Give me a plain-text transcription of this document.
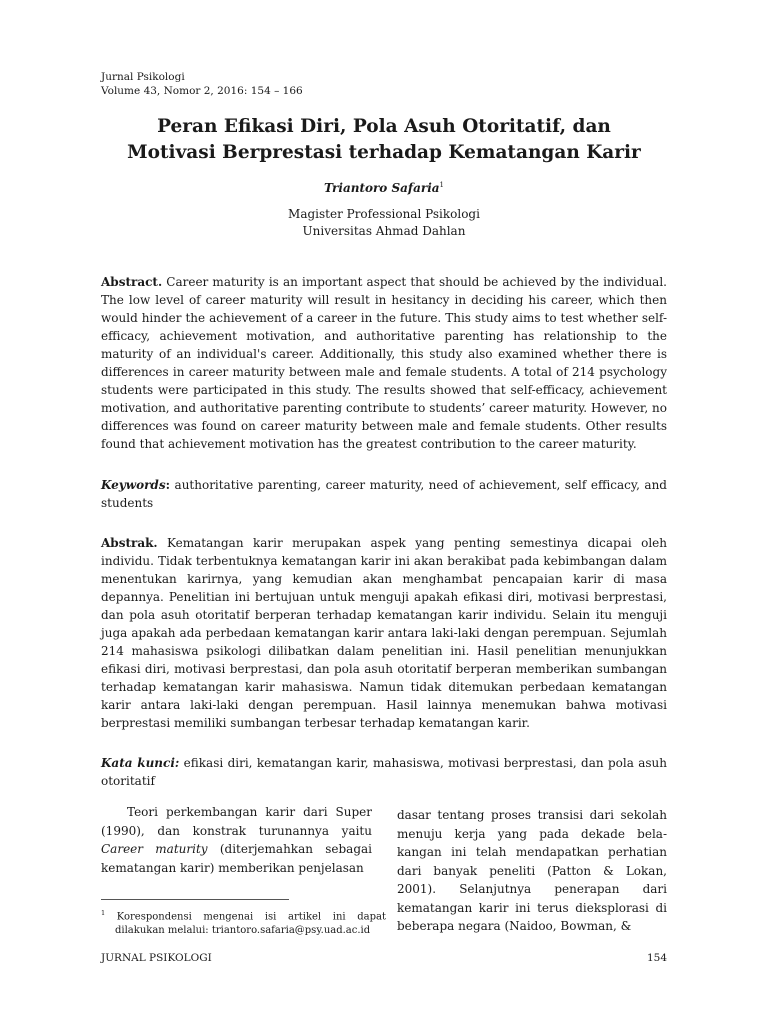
Jurnal Psikologi
Volume 43, Nomor 2, 2016: 154 – 166
Peran Efikasi Diri, Pola Asuh Otoritatif, dan
Motivasi Berprestasi terhadap Kematangan Karir
Triantoro Safaria$^1$
Magister Professional Psikologi
Universitas Ahmad Dahlan
Abstract. Career maturity is an important aspect that should be achieved by the individual. The low level of career maturity will result in hesitancy in deciding his career, which then would hinder the achievement of a career in the future. This study aims to test whether self-efficacy, achievement motivation, and authoritative parenting has relationship to the maturity of an individual's career. Additionally, this study also examined whether there is differences in career maturity between male and female students. A total of 214 psychology students were participated in this study. The results showed that self-efficacy, achievement motivation, and authoritative parenting contribute to students’ career maturity. However, no differences was found on career maturity between male and female students. Other results found that achievement motivation has the greatest contribution to the career maturity.
Keywords: authoritative parenting, career maturity, need of achievement, self efficacy, and students
Abstrak. Kematangan karir merupakan aspek yang penting semestinya dicapai oleh individu. Tidak terbentuknya kematangan karir ini akan berakibat pada kebimbangan dalam menentukan karirnya, yang kemudian akan menghambat pencapaian karir di masa depannya. Penelitian ini bertujuan untuk menguji apakah efikasi diri, motivasi berprestasi, dan pola asuh otoritatif berperan terhadap kematangan karir individu. Selain itu menguji juga apakah ada perbedaan kematangan karir antara laki-laki dengan perempuan. Sejumlah 214 mahasiswa psikologi dilibatkan dalam penelitian ini. Hasil penelitian menunjukkan efikasi diri, motivasi berprestasi, dan pola asuh otoritatif berperan memberikan sumbangan terhadap kematangan karir mahasiswa. Namun tidak ditemukan perbedaan kematangan karir antara laki-laki dengan perempuan. Hasil lainnya menemukan bahwa motivasi berprestasi memiliki sumbangan terbesar terhadap kematangan karir.
Kata kunci: efikasi diri, kematangan karir, mahasiswa, motivasi berprestasi, dan pola asuh otoritatif
Teori perkembangan karir dari Super (1990), dan konstrak turunannya yaitu Career maturity (diterjemahkan sebagai kematangan karir) memberikan penjelasan
dasar tentang proses transisi dari sekolah menuju kerja yang pada dekade bela-kangan ini telah mendapatkan perhatian dari banyak peneliti (Patton & Lokan, 2001). Selanjutnya penerapan dari kematangan karir ini terus dieksplorasi di beberapa negara (Naidoo, Bowman, &
$^1$ Korespondensi mengenai isi artikel ini dapat dilakukan melalui: triantoro.safaria@psy.uad.ac.id
JURNAL PSIKOLOGI	154
